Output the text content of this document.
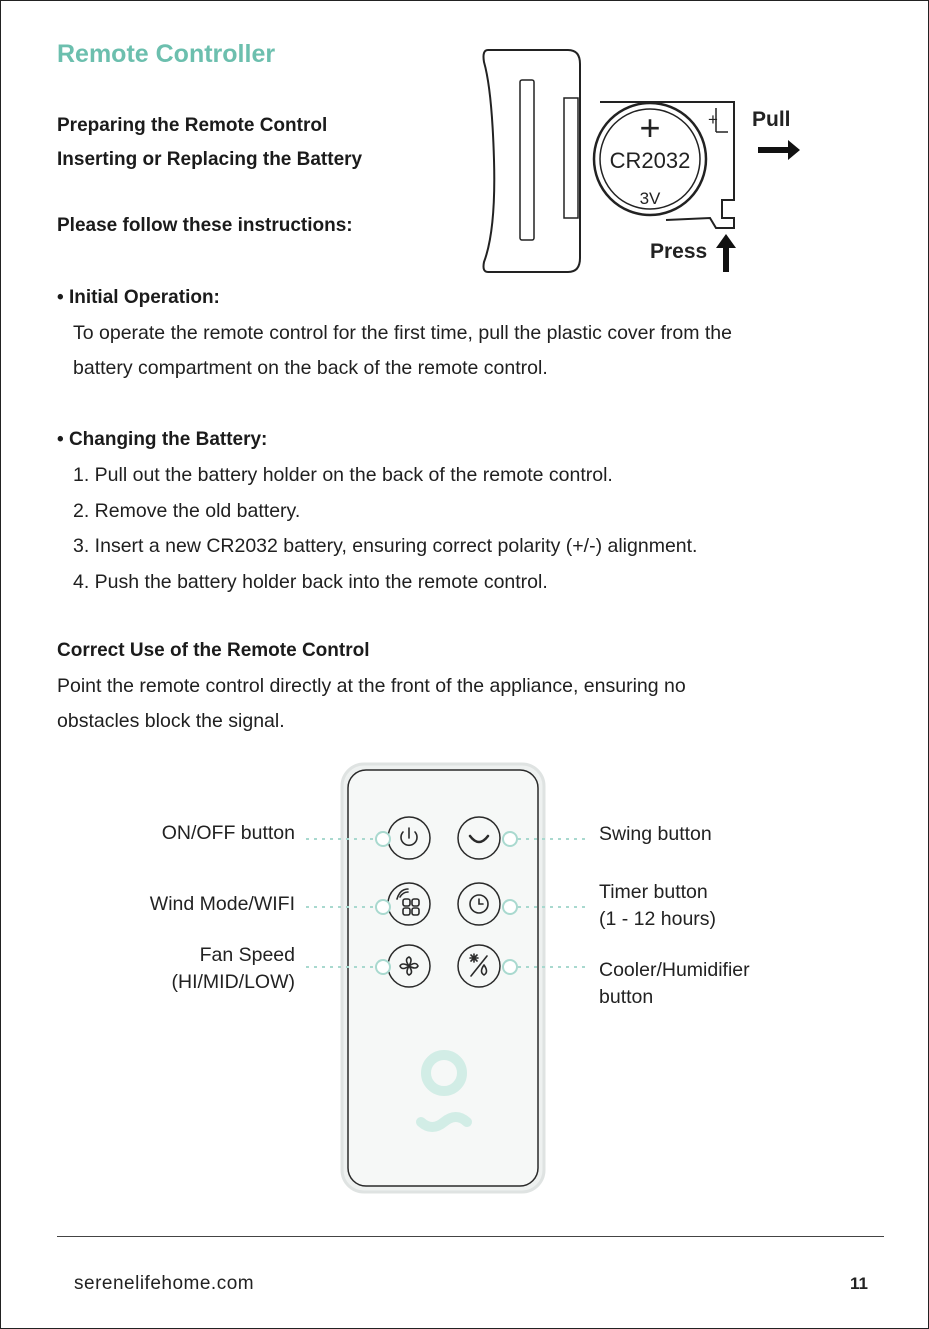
Remote Controller
Preparing the Remote Control
Inserting or Replacing the Battery
Please follow these instructions:
+
+
CR2032
3V
Pull
Press
• Initial Operation:
To operate the remote control for the first time, pull the plastic cover from the
battery compartment on the back of the remote control.
• Changing the Battery:
1. Pull out the battery holder on the back of the remote control.
2. Remove the old battery.
3. Insert a new CR2032 battery, ensuring correct polarity (+/-) alignment.
4. Push the battery holder back into the remote control.
Correct Use of the Remote Control
Point the remote control directly at the front of the appliance, ensuring no
obstacles block the signal.
ON/OFF button
Wind Mode/WIFI
Fan Speed
(HI/MID/LOW)
Swing button
Timer button
(1 - 12 hours)
Cooler/Humidifier
button
serenelifehome.com	11
